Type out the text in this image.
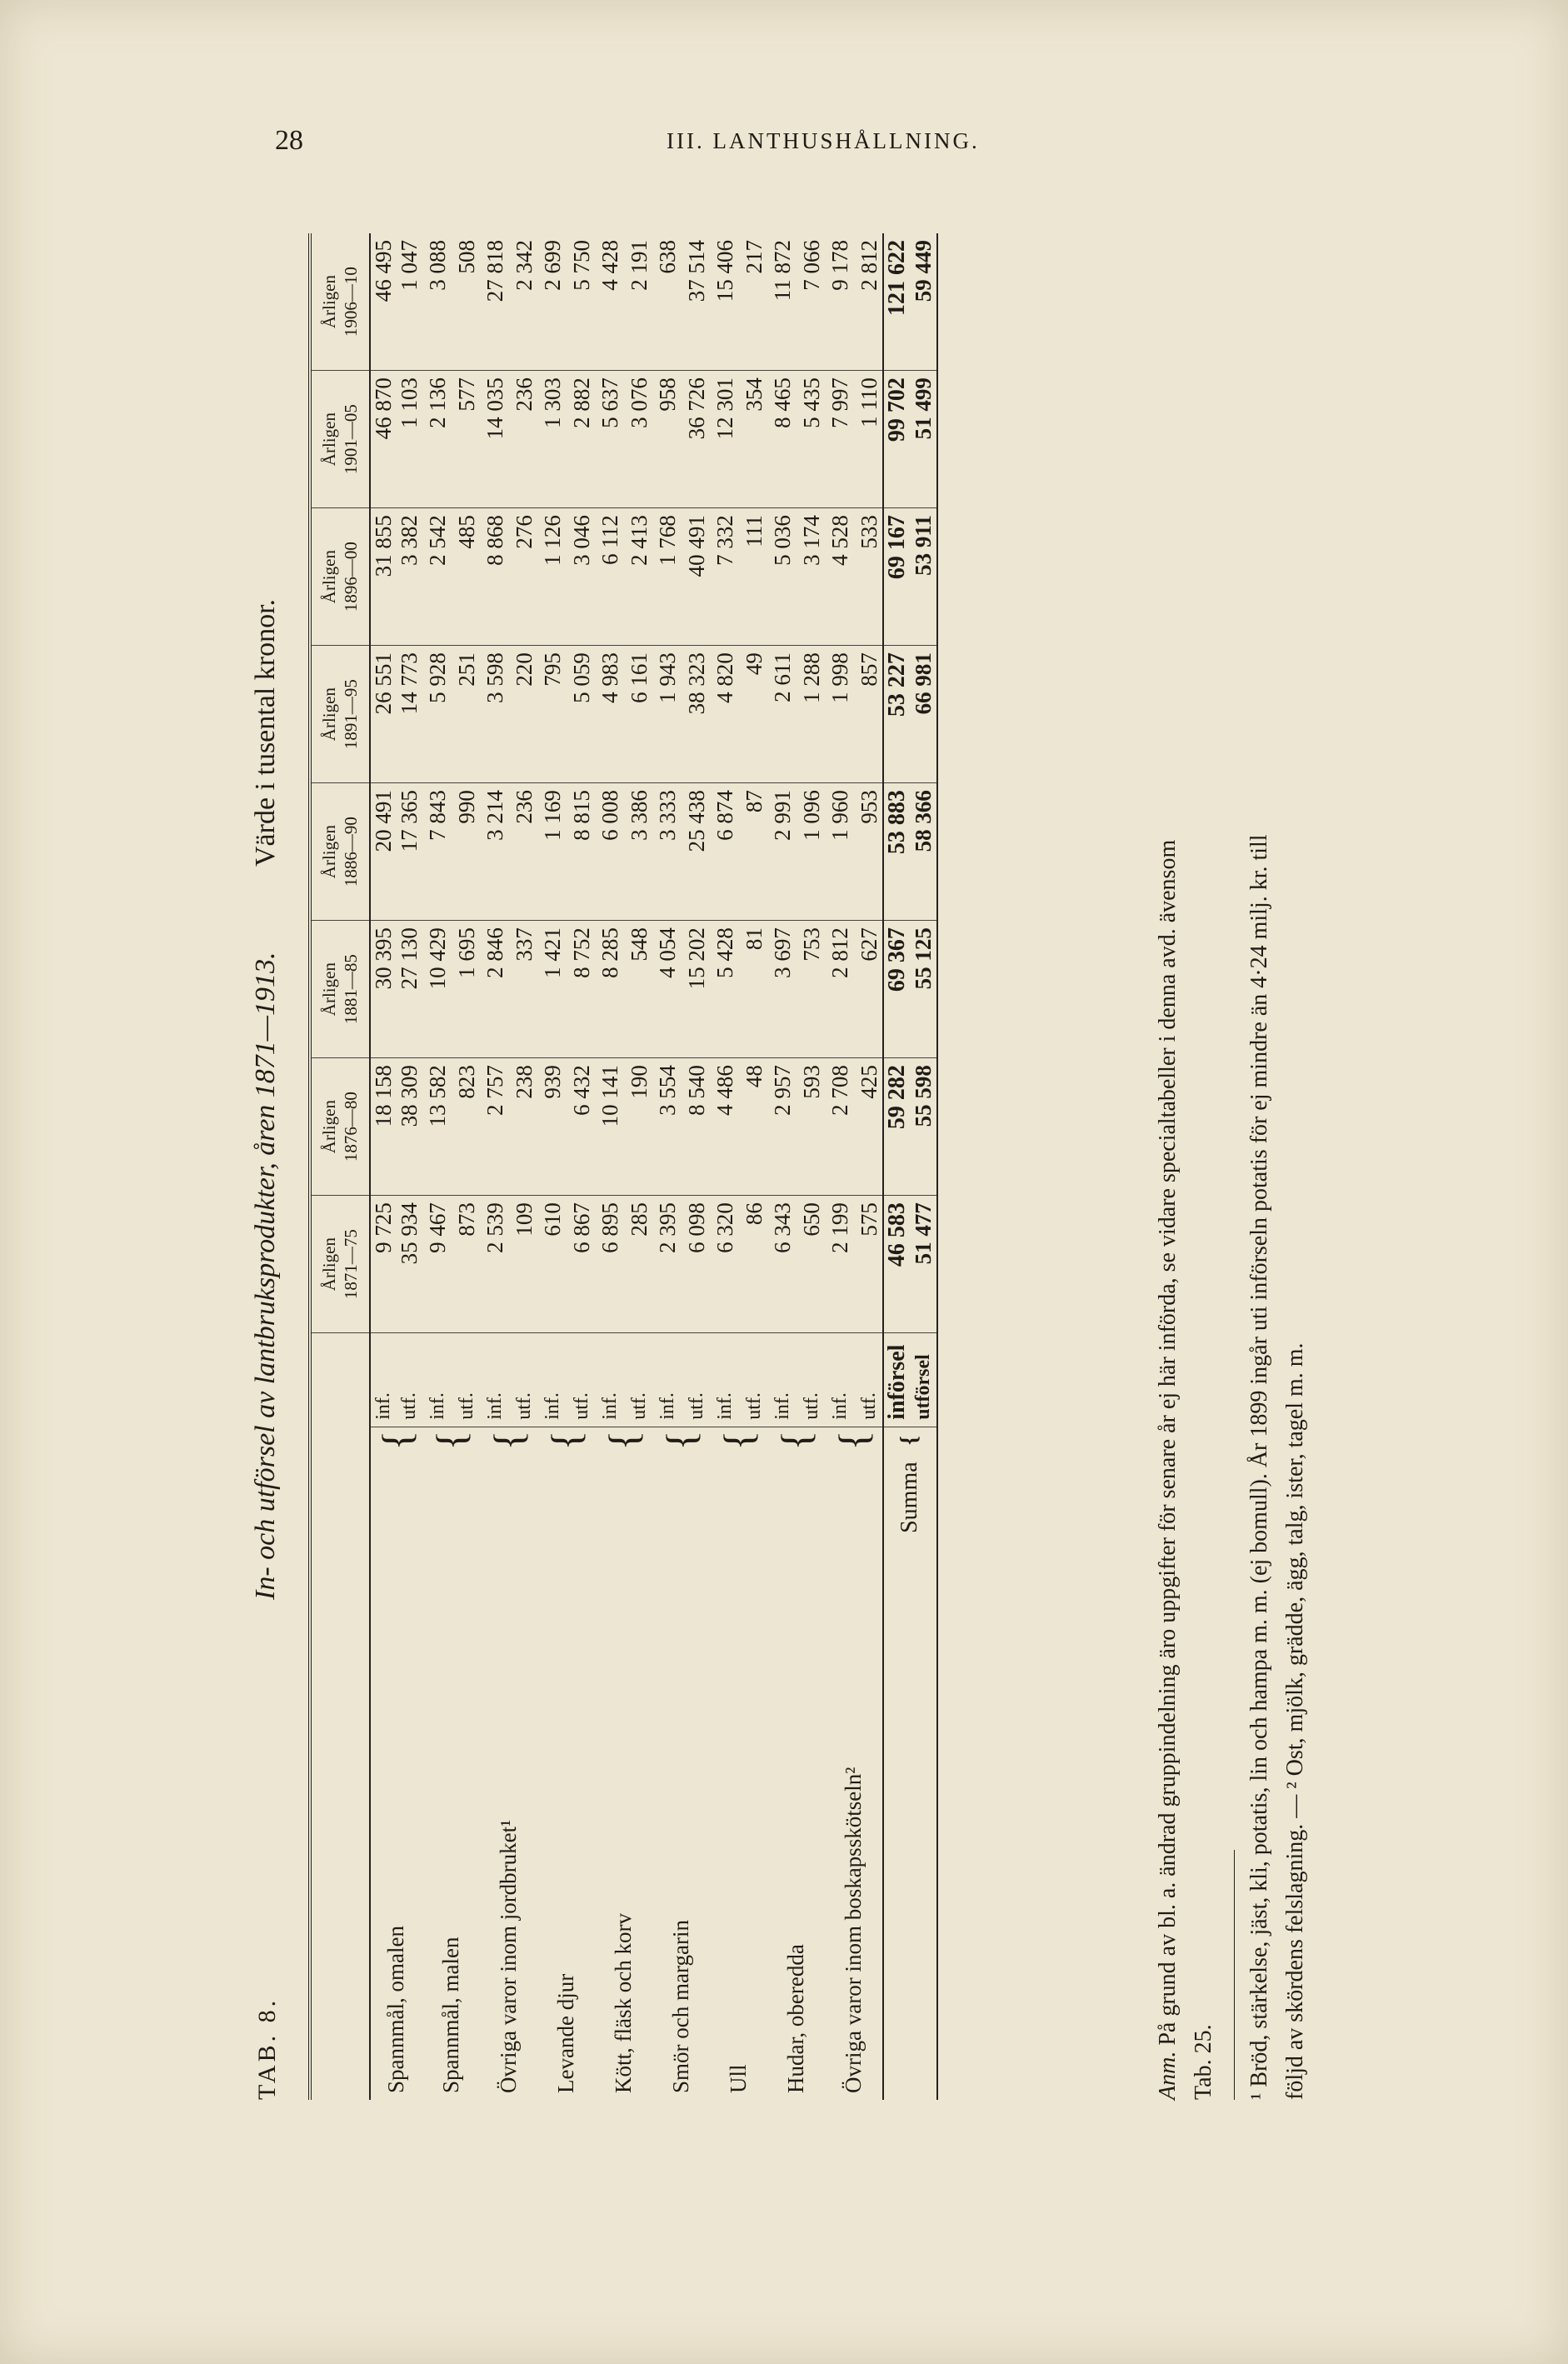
28	III. LANTHUSHÅLLNING.
TAB. 8.
In- och utförsel av lantbruksprodukter, åren 1871—1913.
Värde i tusental kronor.
			Årligen 1871—75	Årligen 1876—80	Årligen 1881—85	Årligen 1886—90	Årligen 1891—95	Årligen 1896—00	Årligen 1901—05	Årligen 1906—10
Spannmål, omalen	{	inf.	9 725	18 158	30 395	20 491	26 551	31 855	46 870	46 495
		utf.	35 934	38 309	27 130	17 365	14 773	3 382	1 103	1 047
Spannmål, malen	{	inf.	9 467	13 582	10 429	7 843	5 928	2 542	2 136	3 088
		utf.	873	823	1 695	990	251	485	577	508
Övriga varor inom jordbruket¹	{	inf.	2 539	2 757	2 846	3 214	3 598	8 868	14 035	27 818
		utf.	109	238	337	236	220	276	236	2 342
Levande djur	{	inf.	610	939	1 421	1 169	795	1 126	1 303	2 699
		utf.	6 867	6 432	8 752	8 815	5 059	3 046	2 882	5 750
Kött, fläsk och korv	{	inf.	6 895	10 141	8 285	6 008	4 983	6 112	5 637	4 428
		utf.	285	190	548	3 386	6 161	2 413	3 076	2 191
Smör och margarin	{	inf.	2 395	3 554	4 054	3 333	1 943	1 768	958	638
		utf.	6 098	8 540	15 202	25 438	38 323	40 491	36 726	37 514
Ull	{	inf.	6 320	4 486	5 428	6 874	4 820	7 332	12 301	15 406
		utf.	86	48	81	87	49	111	354	217
Hudar, oberedda	{	inf.	6 343	2 957	3 697	2 991	2 611	5 036	8 465	11 872
		utf.	650	593	753	1 096	1 288	3 174	5 435	7 066
Övriga varor inom boskapsskötseln²	{	inf.	2 199	2 708	2 812	1 960	1 998	4 528	7 997	9 178
		utf.	575	425	627	953	857	533	1 110	2 812
Summa	{	införsel	46 583	59 282	69 367	53 883	53 227	69 167	99 702	121 622
		utförsel	51 477	55 598	55 125	58 366	66 981	53 911	51 499	59 449
Anm. På grund av bl. a. ändrad gruppindelning äro uppgifter för senare år ej här införda, se vidare specialtabeller i denna avd. ävensom
Tab. 25. ¹ Bröd, stärkelse, jäst, kli, potatis, lin och hampa m. m. (ej bomull). År 1899 ingår uti införseln potatis för ej mindre än 4·24 milj. kr. till följd av skördens felslagning. — ² Ost, mjölk, grädde, ägg, talg, ister, tagel m. m.
